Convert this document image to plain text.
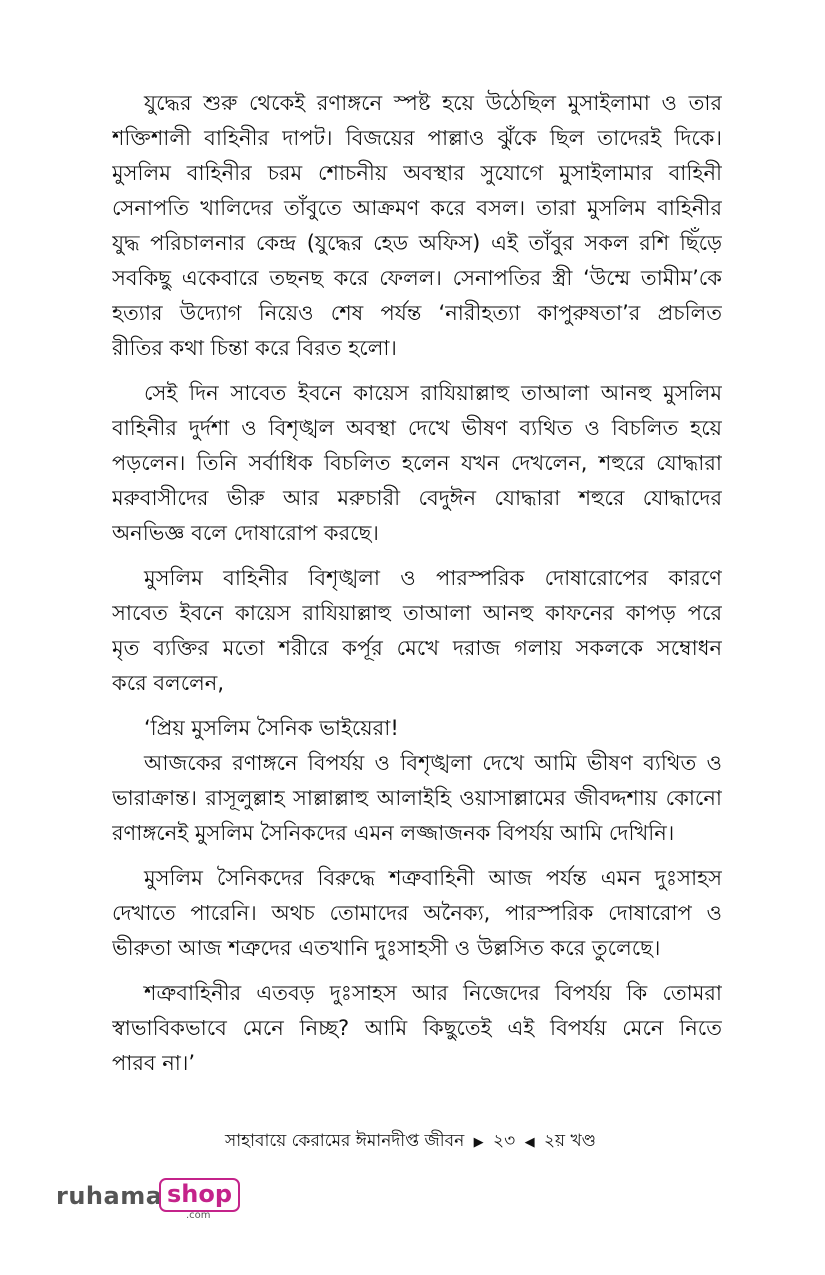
যুদ্ধের শুরু থেকেই রণাঙ্গনে স্পষ্ট হয়ে উঠেছিল মুসাইলামা ও তার
শক্তিশালী বাহিনীর দাপট। বিজয়ের পাল্লাও ঝুঁকে ছিল তাদেরই দিকে।
মুসলিম বাহিনীর চরম শোচনীয় অবস্থার সুযোগে মুসাইলামার বাহিনী
সেনাপতি খালিদের তাঁবুতে আক্রমণ করে বসল। তারা মুসলিম বাহিনীর
যুদ্ধ পরিচালনার কেন্দ্র (যুদ্ধের হেড অফিস) এই তাঁবুর সকল রশি ছিঁড়ে
সবকিছু একেবারে তছনছ করে ফেলল। সেনাপতির স্ত্রী ‘উম্মে তামীম’কে
হত্যার উদ্যোগ নিয়েও শেষ পর্যন্ত ‘নারীহত্যা কাপুরুষতা’র প্রচলিত
রীতির কথা চিন্তা করে বিরত হলো।
সেই দিন সাবেত ইবনে কায়েস রাযিয়াল্লাহু তাআলা আনহু মুসলিম
বাহিনীর দুর্দশা ও বিশৃঙ্খল অবস্থা দেখে ভীষণ ব্যথিত ও বিচলিত হয়ে
পড়লেন। তিনি সর্বাধিক বিচলিত হলেন যখন দেখলেন, শহুরে যোদ্ধারা
মরুবাসীদের ভীরু আর মরুচারী বেদুঈন যোদ্ধারা শহুরে যোদ্ধাদের
অনভিজ্ঞ বলে দোষারোপ করছে।
মুসলিম বাহিনীর বিশৃঙ্খলা ও পারস্পরিক দোষারোপের কারণে
সাবেত ইবনে কায়েস রাযিয়াল্লাহু তাআলা আনহু কাফনের কাপড় পরে
মৃত ব্যক্তির মতো শরীরে কর্পূর মেখে দরাজ গলায় সকলকে সম্বোধন
করে বললেন,
‘প্রিয় মুসলিম সৈনিক ভাইয়েরা!
আজকের রণাঙ্গনে বিপর্যয় ও বিশৃঙ্খলা দেখে আমি ভীষণ ব্যথিত ও
ভারাক্রান্ত। রাসূলুল্লাহ সাল্লাল্লাহু আলাইহি ওয়াসাল্লামের জীবদ্দশায় কোনো
রণাঙ্গনেই মুসলিম সৈনিকদের এমন লজ্জাজনক বিপর্যয় আমি দেখিনি।
মুসলিম সৈনিকদের বিরুদ্ধে শত্রুবাহিনী আজ পর্যন্ত এমন দুঃসাহস
দেখাতে পারেনি। অথচ তোমাদের অনৈক্য, পারস্পরিক দোষারোপ ও
ভীরুতা আজ শত্রুদের এতখানি দুঃসাহসী ও উল্লসিত করে তুলেছে।
শত্রুবাহিনীর এতবড় দুঃসাহস আর নিজেদের বিপর্যয় কি তোমরা
স্বাভাবিকভাবে মেনে নিচ্ছ? আমি কিছুতেই এই বিপর্যয় মেনে নিতে
পারব না।’
সাহাবায়ে কেরামের ঈমানদীপ্ত জীবন ▶ ২৩ ◀ ২য় খণ্ড
ruhama shop
.com
